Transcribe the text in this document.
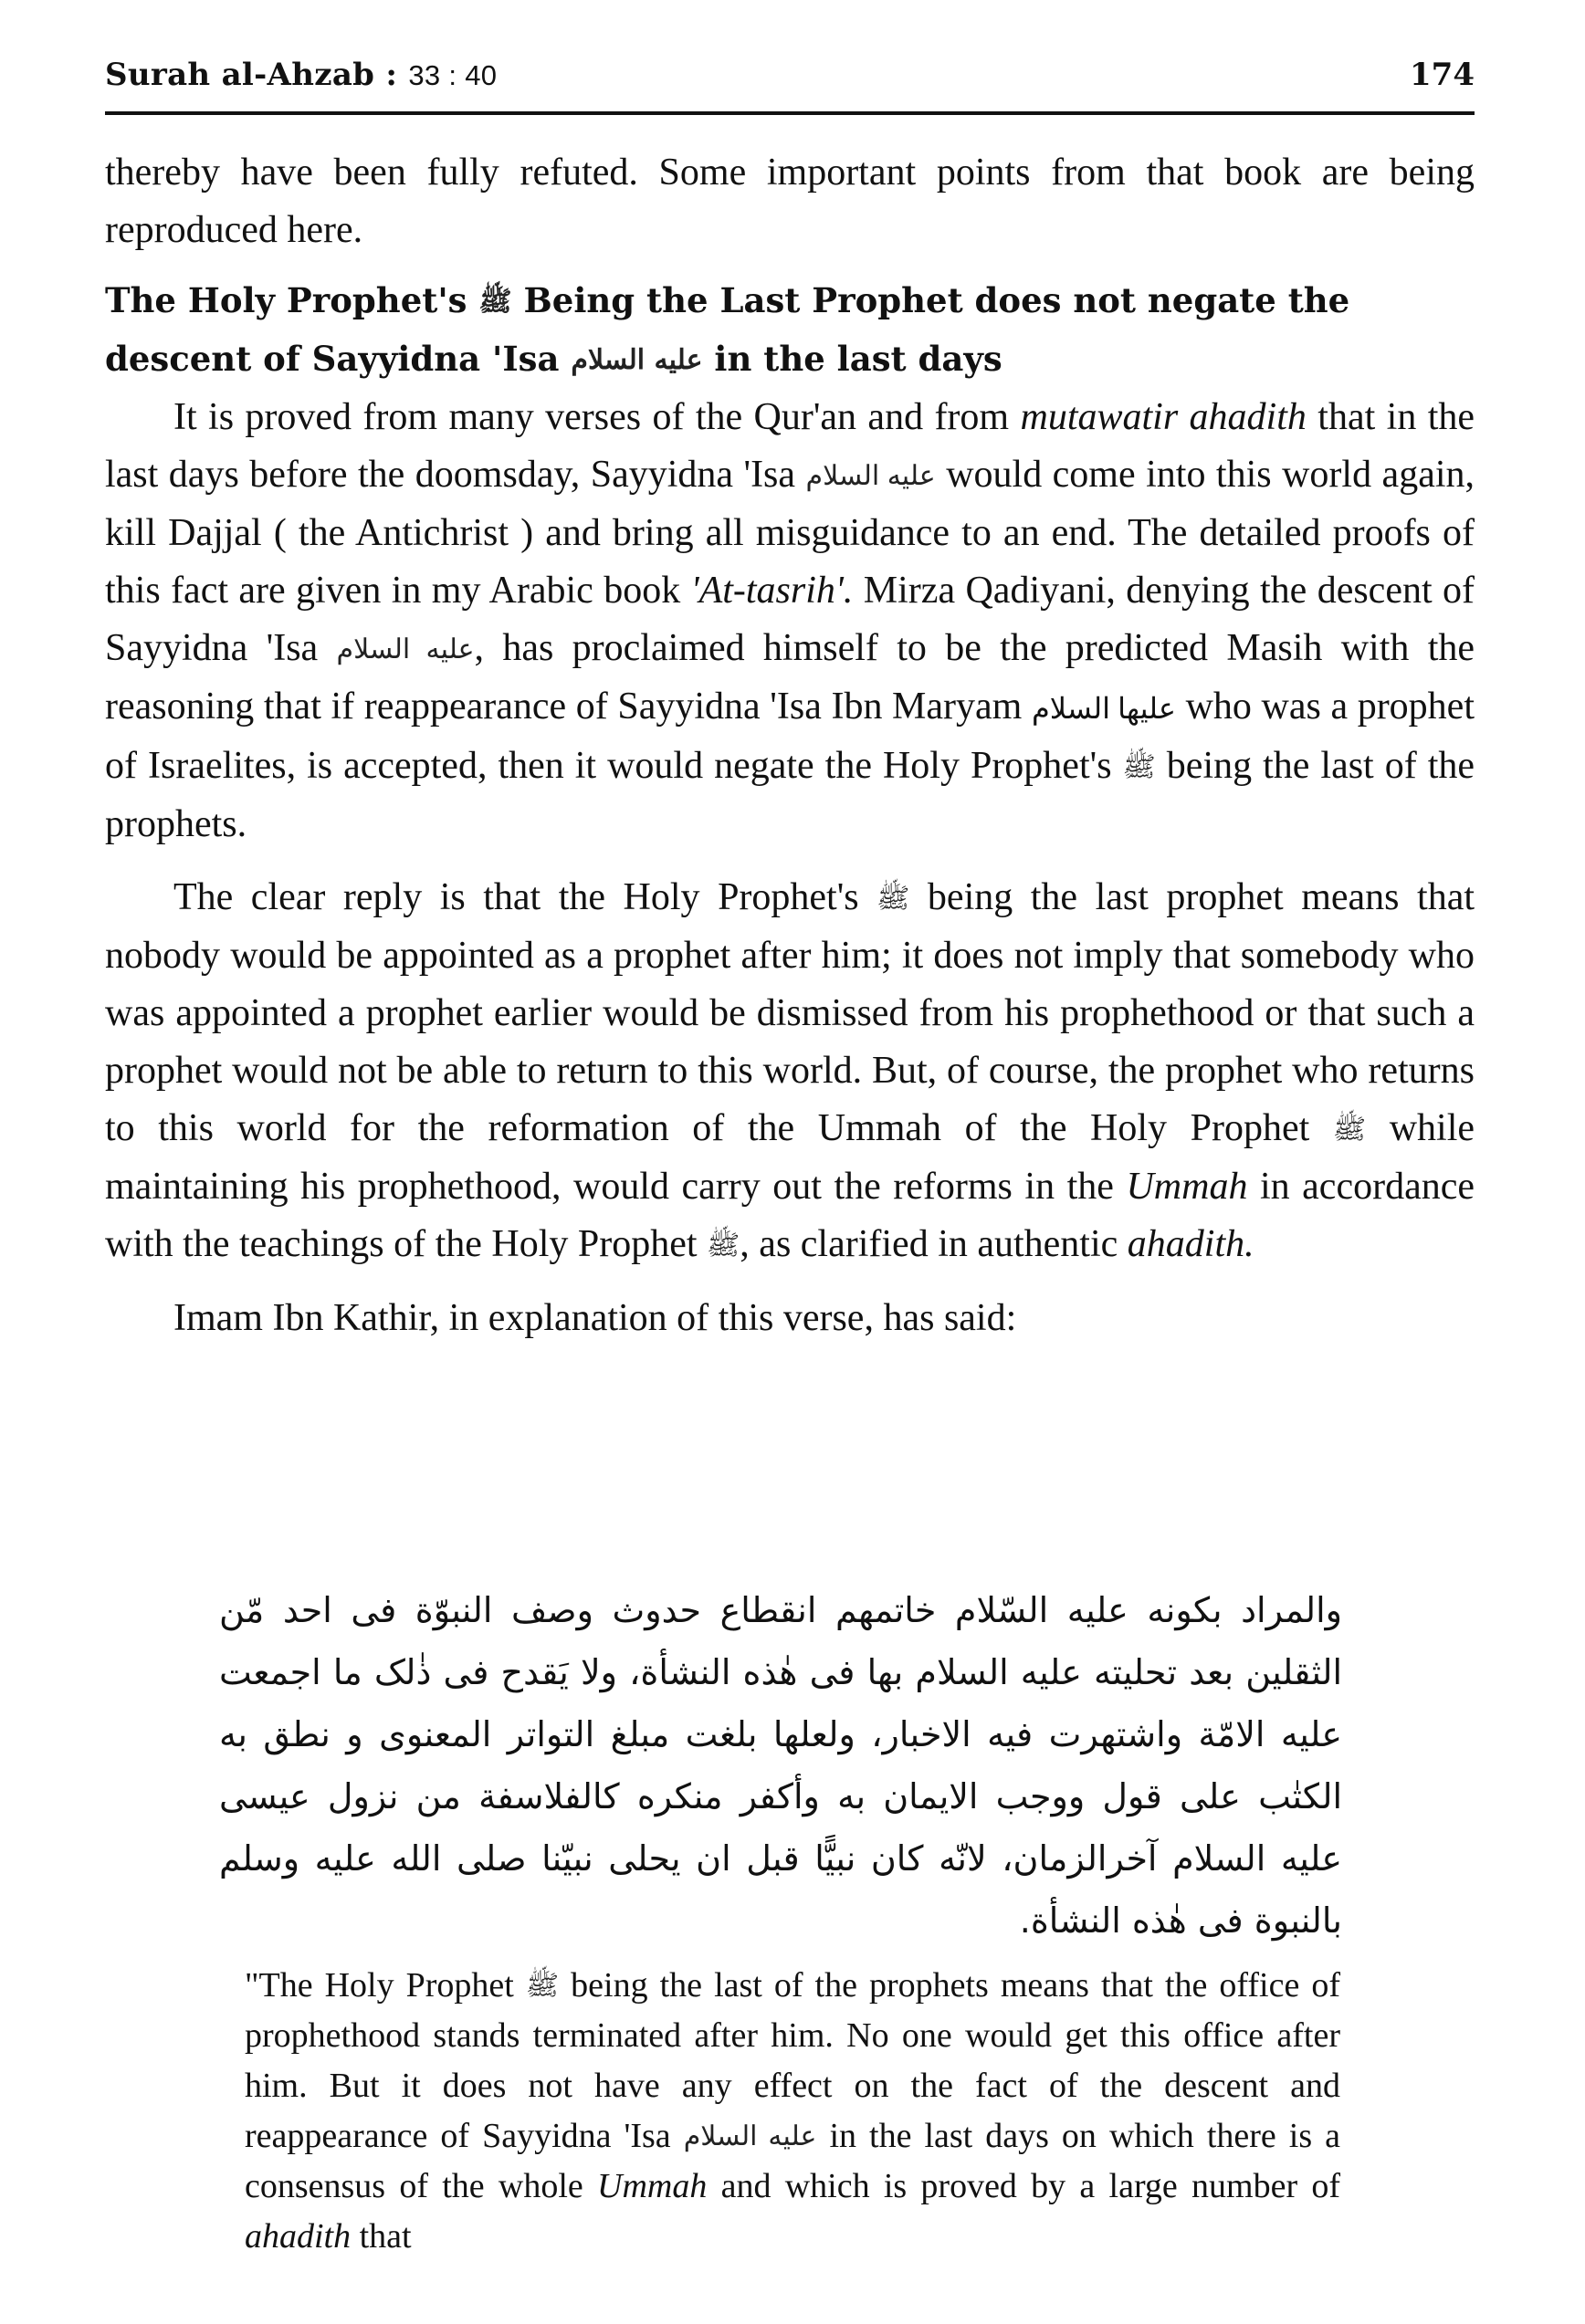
Surah al-Ahzab : 33 : 40	174

thereby have been fully refuted. Some important points from that book are being reproduced here.

The Holy Prophet's ﷺ Being the Last Prophet does not negate the descent of Sayyidna 'Isa عليه السلام in the last days

It is proved from many verses of the Qur'an and from mutawatir ahadith that in the last days before the doomsday, Sayyidna 'Isa عليه السلام would come into this world again, kill Dajjal ( the Antichrist ) and bring all misguidance to an end. The detailed proofs of this fact are given in my Arabic book 'At-tasrih'. Mirza Qadiyani, denying the descent of Sayyidna 'Isa عليه السلام, has proclaimed himself to be the predicted Masih with the reasoning that if reappearance of Sayyidna 'Isa Ibn Maryam عليها السلام who was a prophet of Israelites, is accepted, then it would negate the Holy Prophet's ﷺ being the last of the prophets.

The clear reply is that the Holy Prophet's ﷺ being the last prophet means that nobody would be appointed as a prophet after him; it does not imply that somebody who was appointed a prophet earlier would be dismissed from his prophethood or that such a prophet would not be able to return to this world. But, of course, the prophet who returns to this world for the reformation of the Ummah of the Holy Prophet ﷺ while maintaining his prophethood, would carry out the reforms in the Ummah in accordance with the teachings of the Holy Prophet ﷺ, as clarified in authentic ahadith.

Imam Ibn Kathir, in explanation of this verse, has said:

والمراد بكونه عليه السّلام خاتمهم انقطاع حدوث وصف النبوّة فی احد مّن الثقلین بعد تحلیته علیه السلام بها فی هٰذه النشأة، ولا یَقدح فی ذٰلک ما اجمعت علیه الامّة واشتهرت فیه الاخبار، ولعلها بلغت مبلغ التواتر المعنوی و نطق به الکتٰب علی قول ووجب الایمان به وأکفر منکره کالفلاسفة من نزول عیسی علیه السلام آخرالزمان، لانّه کان نبیًّا قبل ان یحلی نبیّنا صلی الله علیه وسلم بالنبوة فی هٰذه النشأة.

"The Holy Prophet ﷺ being the last of the prophets means that the office of prophethood stands terminated after him. No one would get this office after him. But it does not have any effect on the fact of the descent and reappearance of Sayyidna 'Isa عليه السلام in the last days on which there is a consensus of the whole Ummah and which is proved by a large number of ahadith that
